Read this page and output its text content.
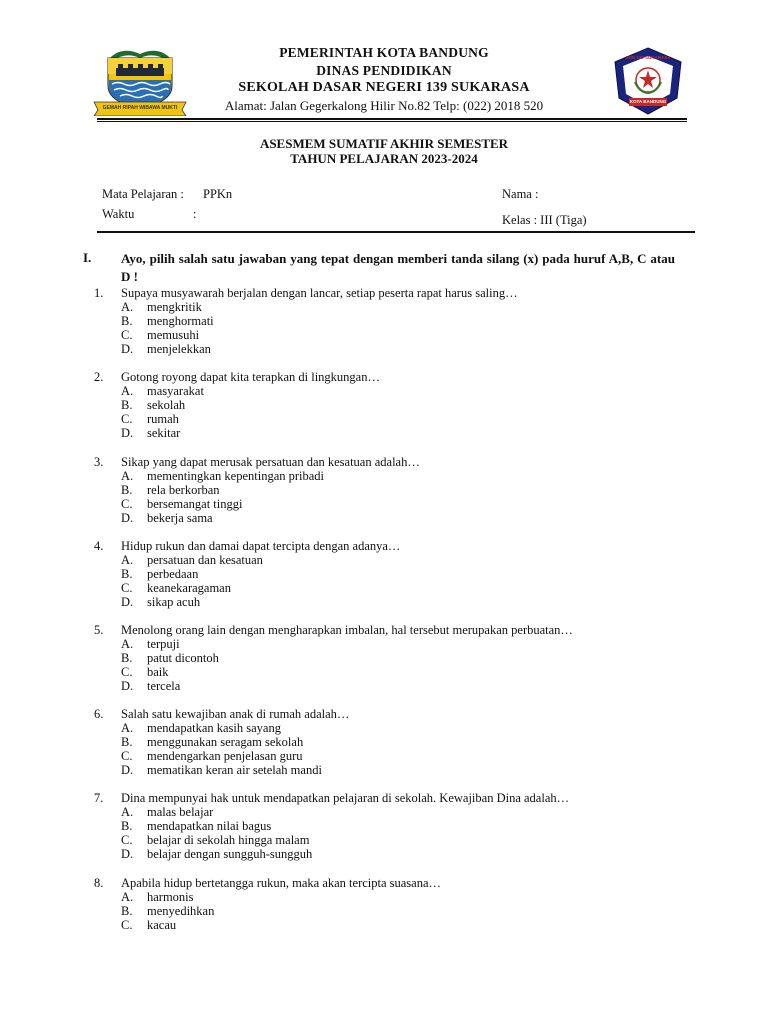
GEMAH RIPAH WIBAWA MUKTI
PEMERINTAH KOTA BANDUNG
DINAS PENDIDIKAN
SEKOLAH DASAR NEGERI 139 SUKARASA
Alamat: Jalan Gegerkalong Hilir No.82 Telp: (022) 2018 520
SDN 139 SUKARASA
KOTA BANDUNG
ASESMEM SUMATIF AKHIR SEMESTER
TAHUN PELAJARAN 2023-2024
Mata Pelajaran : PPKn
Waktu	:
Nama :
Kelas : III (Tiga)
I. Ayo, pilih salah satu jawaban yang tepat dengan memberi tanda silang (x) pada huruf A,B, C atau D !
1. Supaya musyawarah berjalan dengan lancar, setiap peserta rapat harus saling…
A. mengkritik
B. menghormati
C. memusuhi
D. menjelekkan
2. Gotong royong dapat kita terapkan di lingkungan…
A. masyarakat
B. sekolah
C. rumah
D. sekitar
3. Sikap yang dapat merusak persatuan dan kesatuan adalah…
A. mementingkan kepentingan pribadi
B. rela berkorban
C. bersemangat tinggi
D. bekerja sama
4. Hidup rukun dan damai dapat tercipta dengan adanya…
A. persatuan dan kesatuan
B. perbedaan
C. keanekaragaman
D. sikap acuh
5. Menolong orang lain dengan mengharapkan imbalan, hal tersebut merupakan perbuatan…
A. terpuji
B. patut dicontoh
C. baik
D. tercela
6. Salah satu kewajiban anak di rumah adalah…
A. mendapatkan kasih sayang
B. menggunakan seragam sekolah
C. mendengarkan penjelasan guru
D. mematikan keran air setelah mandi
7. Dina mempunyai hak untuk mendapatkan pelajaran di sekolah. Kewajiban Dina adalah…
A. malas belajar
B. mendapatkan nilai bagus
C. belajar di sekolah hingga malam
D. belajar dengan sungguh-sungguh
8. Apabila hidup bertetangga rukun, maka akan tercipta suasana…
A. harmonis
B. menyedihkan
C. kacau
